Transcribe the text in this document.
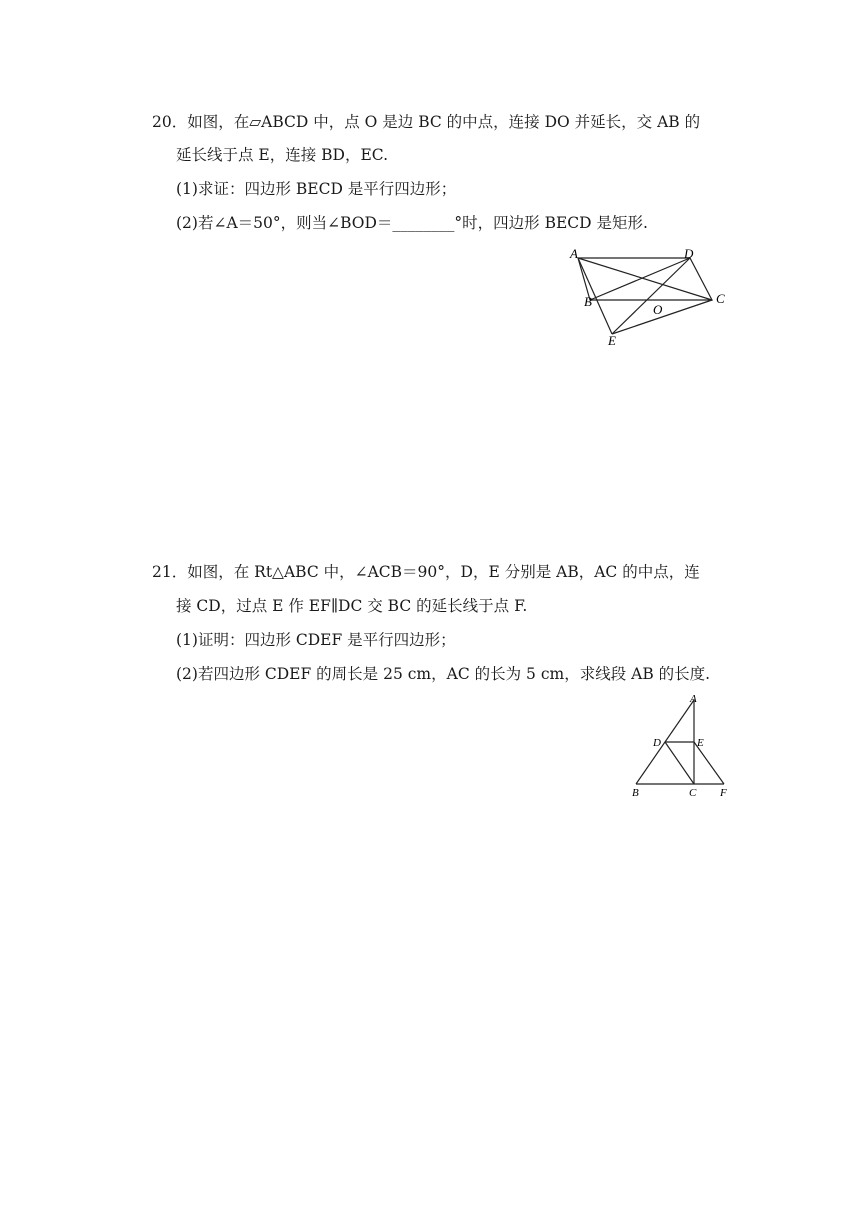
20．如图，在▱ABCD 中，点 O 是边 BC 的中点，连接 DO 并延长，交 AB 的
延长线于点 E，连接 BD，EC.
(1)求证：四边形 BECD 是平行四边形；
(2)若∠A＝50°，则当∠BOD＝________°时，四边形 BECD 是矩形.
A	D
B	C
O
E
21．如图，在 Rt△ABC 中，∠ACB＝90°，D，E 分别是 AB，AC 的中点，连
接 CD，过点 E 作 EF∥DC 交 BC 的延长线于点 F.
(1)证明：四边形 CDEF 是平行四边形；
(2)若四边形 CDEF 的周长是 25 cm，AC 的长为 5 cm，求线段 AB 的长度.
A
D	E
B	C F
